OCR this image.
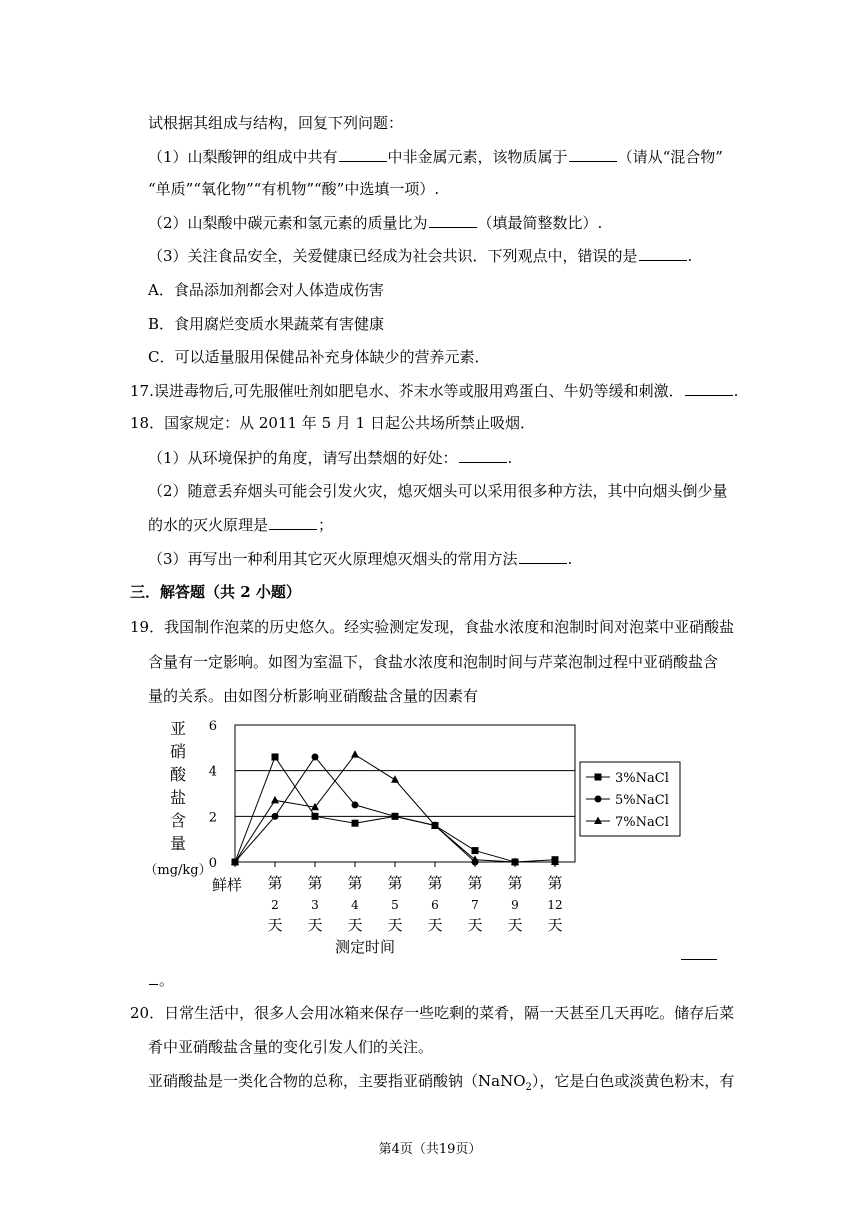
试根据其组成与结构，回复下列问题：
（1）山梨酸钾的组成中共有	中非金属元素，该物质属于	（请从“混合物”
“单质”“氧化物”“有机物”“酸”中选填一项）.
（2）山梨酸中碳元素和氢元素的质量比为	（填最简整数比）.
（3）关注食品安全，关爱健康已经成为社会共识．下列观点中，错误的是	.
A．食品添加剂都会对人体造成伤害
B．食用腐烂变质水果蔬菜有害健康
C．可以适量服用保健品补充身体缺少的营养元素．
17.误进毒物后,可先服催吐剂如肥皂水、芥末水等或服用鸡蛋白、牛奶等缓和刺激．	.
18．国家规定：从 2011 年 5 月 1 日起公共场所禁止吸烟．
（1）从环境保护的角度，请写出禁烟的好处：	.
（2）随意丢弃烟头可能会引发火灾，熄灭烟头可以采用很多种方法，其中向烟头倒少量
的水的灭火原理是	；
（3）再写出一种利用其它灭火原理熄灭烟头的常用方法	.
三．解答题（共 2 小题）
19．我国制作泡菜的历史悠久。经实验测定发现，食盐水浓度和泡制时间对泡菜中亚硝酸盐
含量有一定影响。如图为室温下，食盐水浓度和泡制时间与芹菜泡制过程中亚硝酸盐含
量的关系。由如图分析影响亚硝酸盐含量的因素有
0
2
4
6
3%NaCl
5%NaCl
7%NaCl
亚
硝
酸
盐
含
量
（mg/kg）
鲜样 第
2
天
第
3
天
第
4
天
第
5
天
第
6
天
第
7
天
第
9
天
第
12
天
测定时间
。
20．日常生活中，很多人会用冰箱来保存一些吃剩的菜肴，隔一天甚至几天再吃。储存后菜
肴中亚硝酸盐含量的变化引发人们的关注。
亚硝酸盐是一类化合物的总称，主要指亚硝酸钠（NaNO$_2$），它是白色或淡黄色粉末，有
第4页（共19页）
